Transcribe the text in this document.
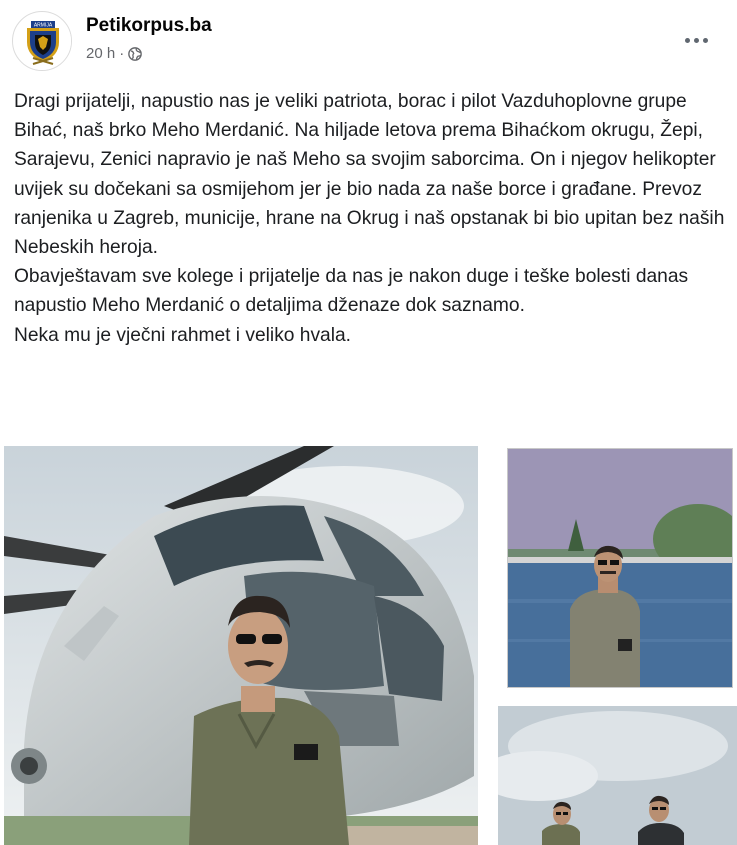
ARMIJA Petikorpus.ba
20 h ·

Dragi prijatelji, napustio nas je veliki patriota, borac i pilot Vazduhoplovne grupe Bihać, naš brko Meho Merdanić. Na hiljade letova prema Bihaćkom okrugu, Žepi, Sarajevu, Zenici napravio je naš Meho sa svojim saborcima. On i njegov helikopter uvijek su dočekani sa osmijehom jer je bio nada za naše borce i građane. Prevoz ranjenika u Zagreb, municije, hrane na Okrug i naš opstanak bi bio upitan bez naših Nebeskih heroja.

Obavještavam sve kolege i prijatelje da nas je nakon duge i teške bolesti danas napustio Meho Merdanić o detaljima dženaze dok saznamo.

Neka mu je vječni rahmet i veliko hvala.
